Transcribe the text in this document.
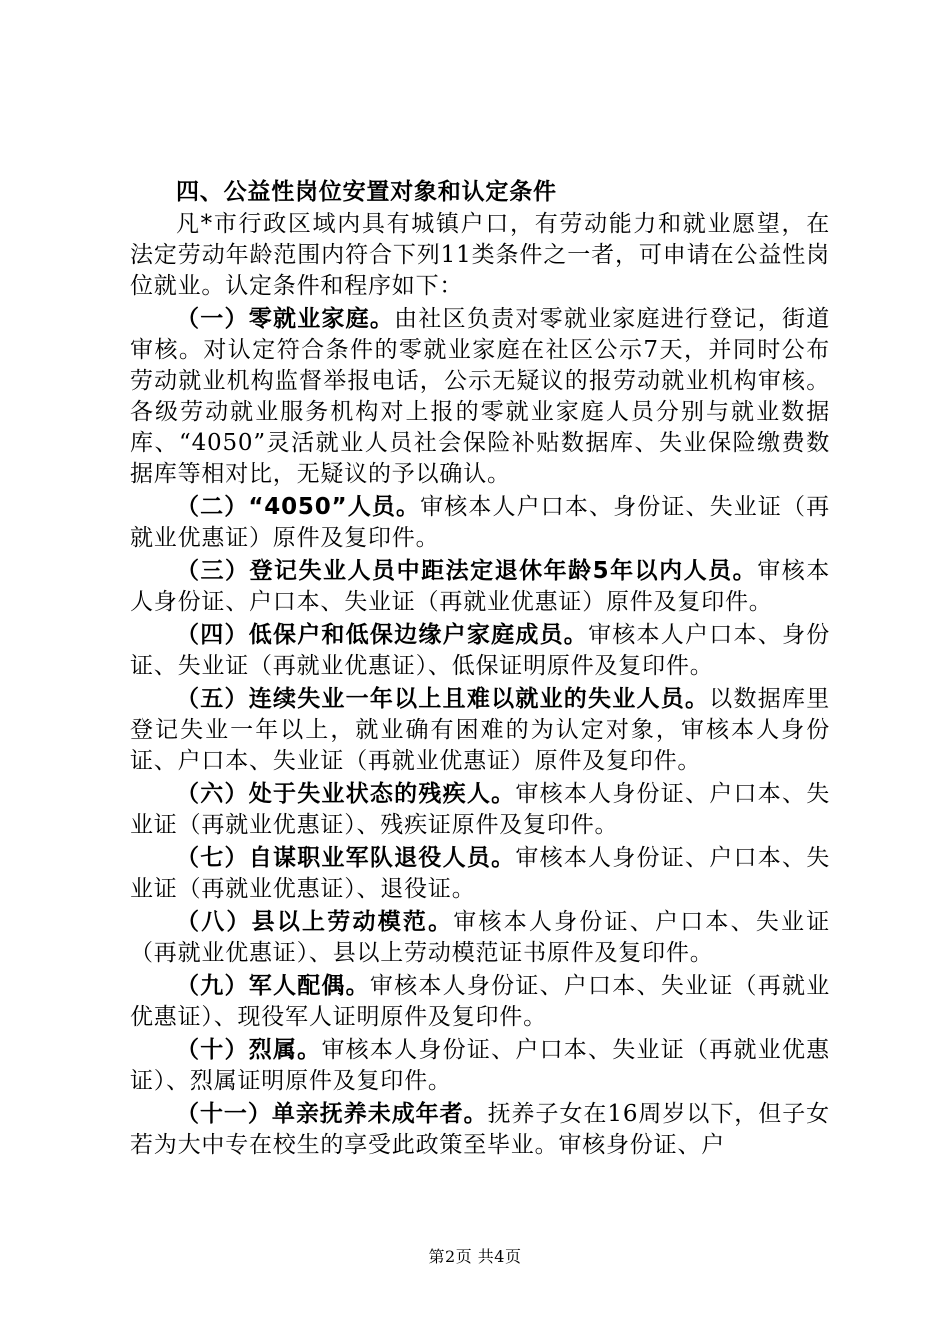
四、公益性岗位安置对象和认定条件

凡*市行政区域内具有城镇户口，有劳动能力和就业愿望，在法定劳动年龄范围内符合下列11类条件之一者，可申请在公益性岗位就业。认定条件和程序如下：

（一）零就业家庭。由社区负责对零就业家庭进行登记，街道审核。对认定符合条件的零就业家庭在社区公示7天，并同时公布劳动就业机构监督举报电话，公示无疑议的报劳动就业机构审核。各级劳动就业服务机构对上报的零就业家庭人员分别与就业数据库、“4050”灵活就业人员社会保险补贴数据库、失业保险缴费数据库等相对比，无疑议的予以确认。

（二）“4050”人员。审核本人户口本、身份证、失业证（再就业优惠证）原件及复印件。

（三）登记失业人员中距法定退休年龄5年以内人员。审核本人身份证、户口本、失业证（再就业优惠证）原件及复印件。

（四）低保户和低保边缘户家庭成员。审核本人户口本、身份证、失业证（再就业优惠证）、低保证明原件及复印件。

（五）连续失业一年以上且难以就业的失业人员。以数据库里登记失业一年以上，就业确有困难的为认定对象，审核本人身份证、户口本、失业证（再就业优惠证）原件及复印件。

（六）处于失业状态的残疾人。审核本人身份证、户口本、失业证（再就业优惠证）、残疾证原件及复印件。

（七）自谋职业军队退役人员。审核本人身份证、户口本、失业证（再就业优惠证）、退役证。

（八）县以上劳动模范。审核本人身份证、户口本、失业证（再就业优惠证）、县以上劳动模范证书原件及复印件。

（九）军人配偶。审核本人身份证、户口本、失业证（再就业优惠证）、现役军人证明原件及复印件。

（十）烈属。审核本人身份证、户口本、失业证（再就业优惠证）、烈属证明原件及复印件。

（十一）单亲抚养未成年者。抚养子女在16周岁以下，但子女若为大中专在校生的享受此政策至毕业。审核身份证、户

第2页 共4页
